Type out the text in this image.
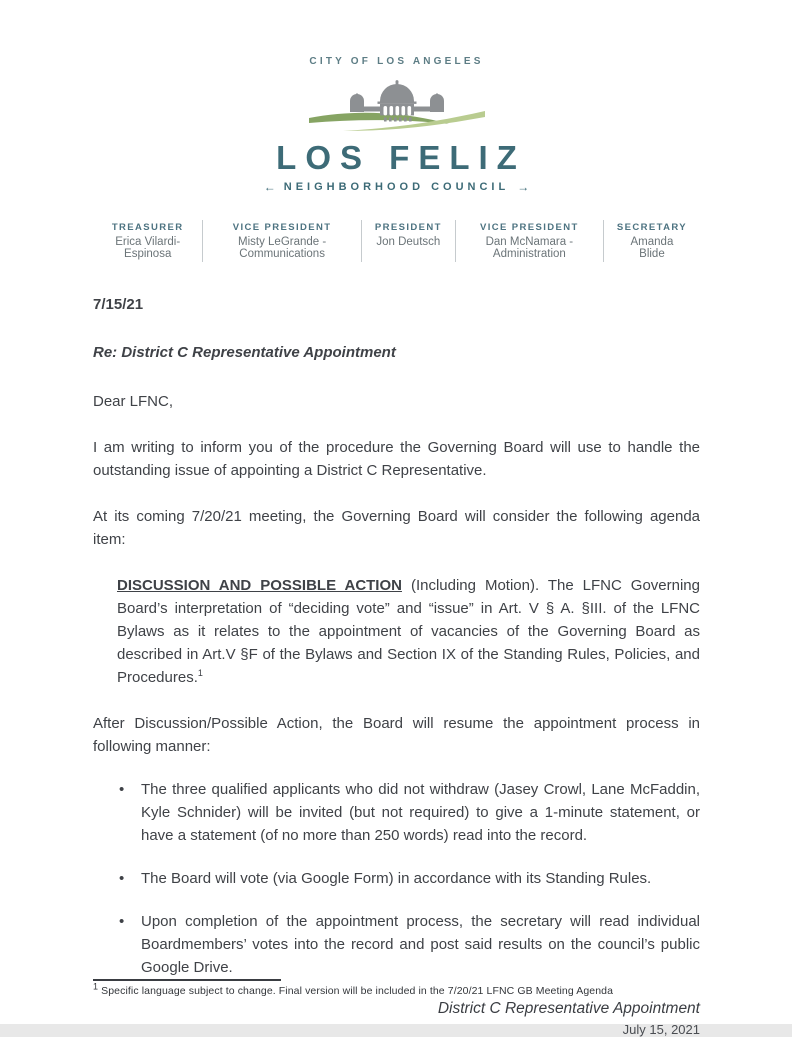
CITY OF LOS ANGELES
LOS FELIZ
← NEIGHBORHOOD COUNCIL →
TREASURER
Erica Vilardi-Espinosa
VICE PRESIDENT
Misty LeGrande - Communications
PRESIDENT
Jon Deutsch
VICE PRESIDENT
Dan McNamara - Administration
SECRETARY
Amanda Blide
7/15/21
Re: District C Representative Appointment
Dear LFNC,

I am writing to inform you of the procedure the Governing Board will use to handle the outstanding issue of appointing a District C Representative.

At its coming 7/20/21 meeting, the Governing Board will consider the following agenda item:

DISCUSSION AND POSSIBLE ACTION (Including Motion). The LFNC Governing Board’s interpretation of “deciding vote” and “issue” in Art. V § A. §III. of the LFNC Bylaws as it relates to the appointment of vacancies of the Governing Board as described in Art.V §F of the Bylaws and Section IX of the Standing Rules, Policies, and Procedures.$^1$

After Discussion/Possible Action, the Board will resume the appointment process in following manner:

• The three qualified applicants who did not withdraw (Jasey Crowl, Lane McFaddin, Kyle Schnider) will be invited (but not required) to give a 1-minute statement, or have a statement (of no more than 250 words) read into the record.
• The Board will vote (via Google Form) in accordance with its Standing Rules.
• Upon completion of the appointment process, the secretary will read individual Boardmembers’ votes into the record and post said results on the council’s public Google Drive.
$^1$ Specific language subject to change. Final version will be included in the 7/20/21 LFNC GB Meeting Agenda
District C Representative Appointment
July 15, 2021
